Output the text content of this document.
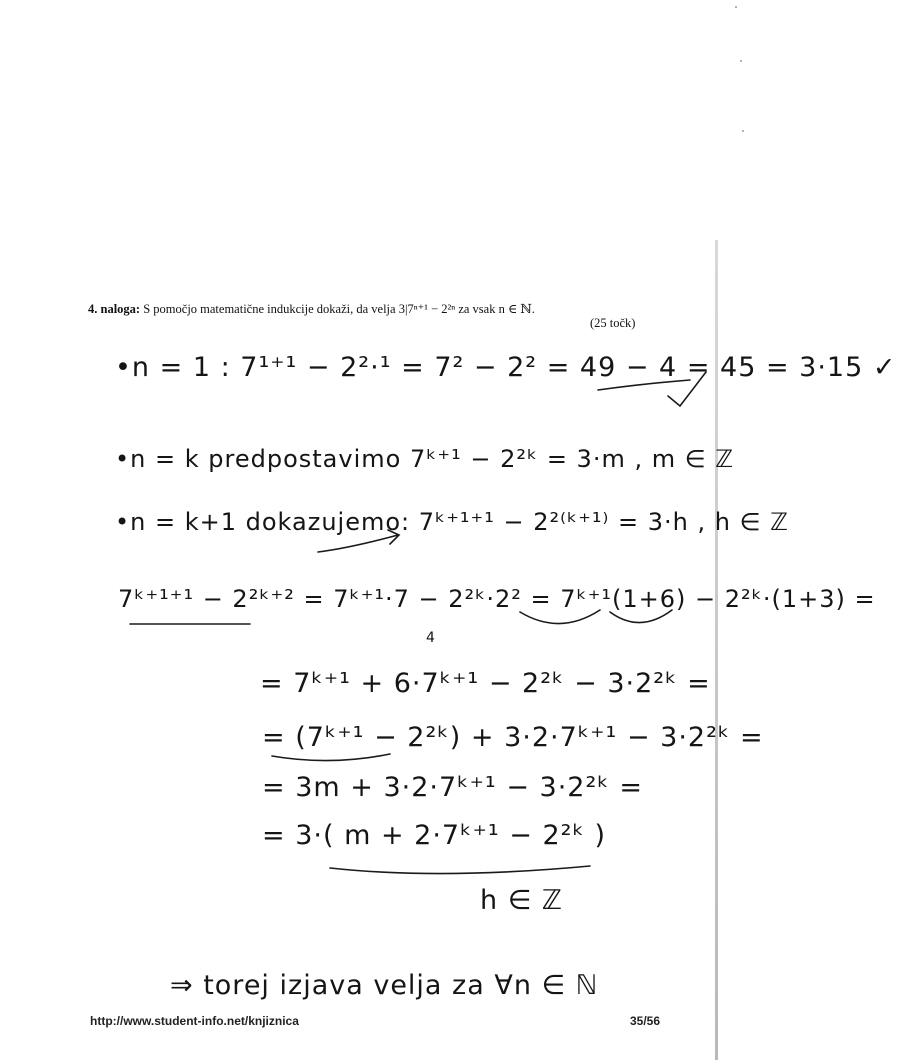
4. naloga: S pomočjo matematične indukcije dokaži, da velja 3|7ⁿ⁺¹ − 2²ⁿ za vsak n ∈ ℕ.
(25 točk)
•n = 1 : 7¹⁺¹ − 2²·¹ = 7² − 2² = 49 − 4 = 45 = 3·15 ✓
•n = k predpostavimo 7ᵏ⁺¹ − 2²ᵏ = 3·m , m ∈ ℤ
•n = k+1 dokazujemo: 7ᵏ⁺¹⁺¹ − 2²⁽ᵏ⁺¹⁾ = 3·h , h ∈ ℤ
7ᵏ⁺¹⁺¹ − 2²ᵏ⁺² = 7ᵏ⁺¹·7 − 2²ᵏ·2² = 7ᵏ⁺¹(1+6) − 2²ᵏ·(1+3) =
4
= 7ᵏ⁺¹ + 6·7ᵏ⁺¹ − 2²ᵏ − 3·2²ᵏ =
= (7ᵏ⁺¹ − 2²ᵏ) + 3·2·7ᵏ⁺¹ − 3·2²ᵏ =
= 3m + 3·2·7ᵏ⁺¹ − 3·2²ᵏ =
= 3·( m + 2·7ᵏ⁺¹ − 2²ᵏ )
h ∈ ℤ
⇒ torej izjava velja za ∀n ∈ ℕ
http://www.student-info.net/knjiznica	35/56
